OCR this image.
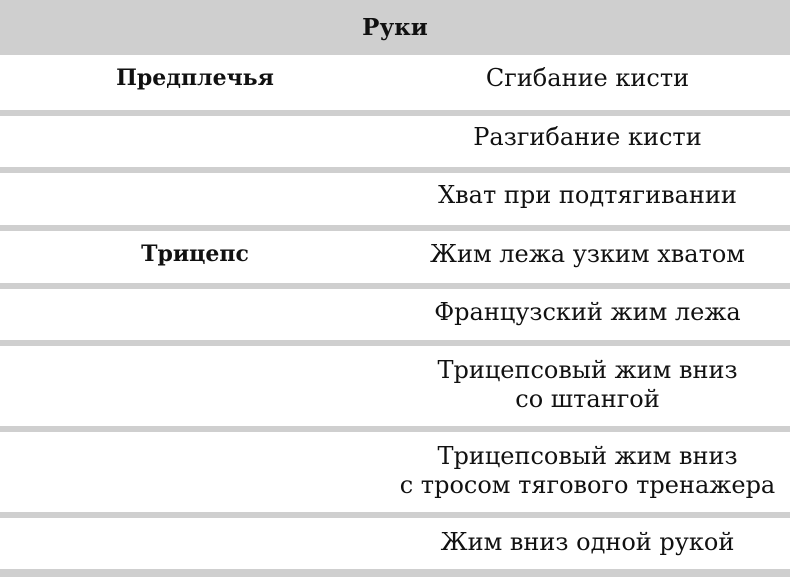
Руки
Предплечья	Сгибание кисти
Разгибание кисти
Хват при подтягивании
Трицепс	Жим лежа узким хватом
Французский жим лежа
Трицепсовый жим вниз
со штангой
Трицепсовый жим вниз
с тросом тягового тренажера
Жим вниз одной рукой
